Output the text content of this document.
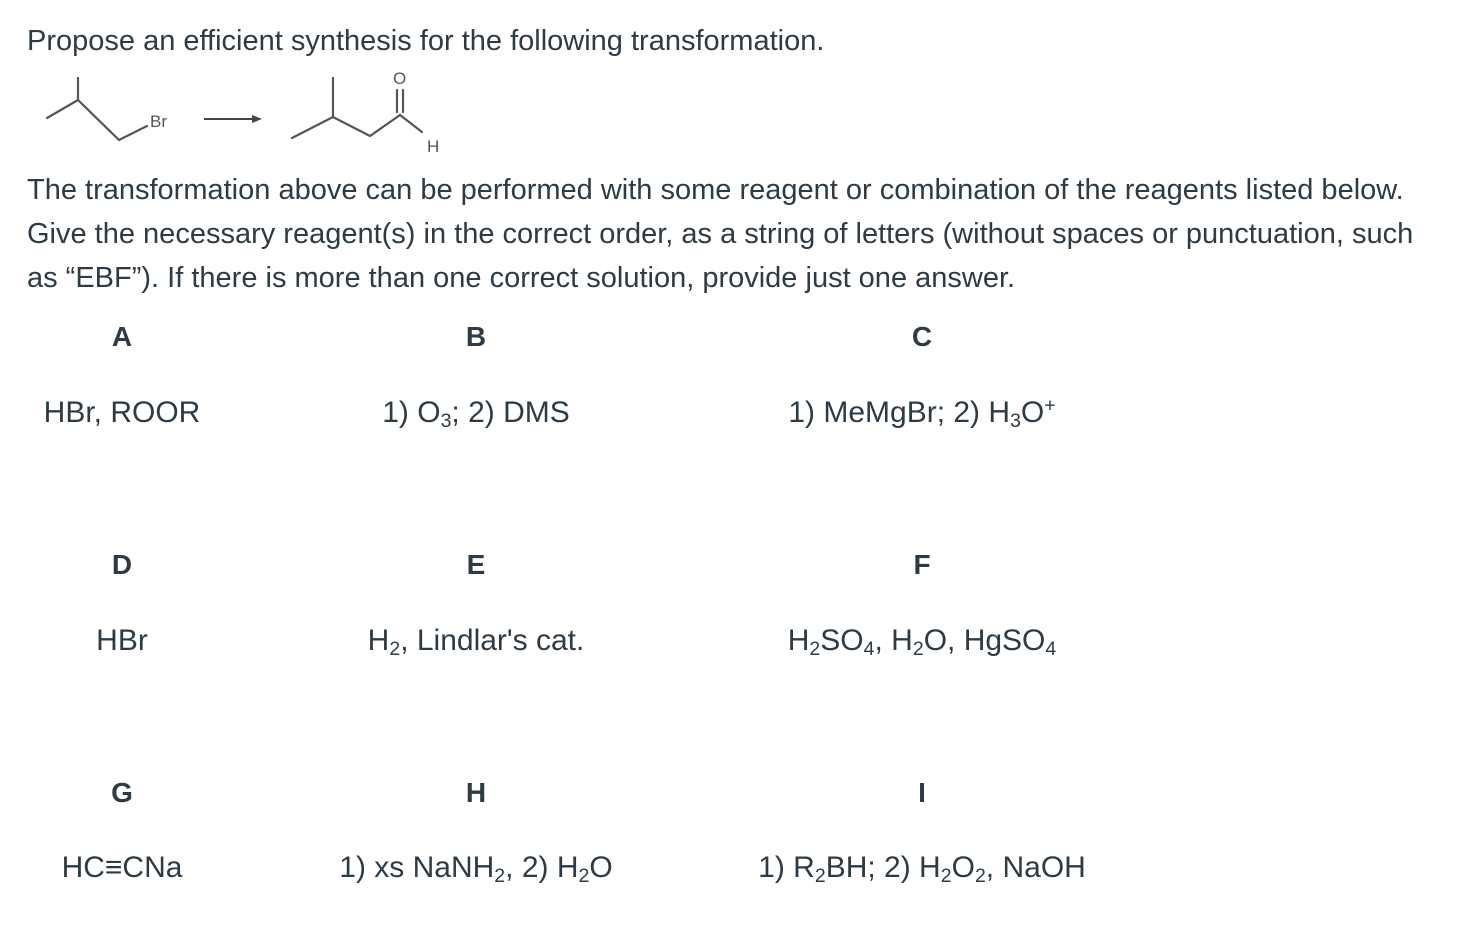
Propose an efficient synthesis for the following transformation.
Br
O
H
The transformation above can be performed with some reagent or combination of the reagents listed below. Give the necessary reagent(s) in the correct order, as a string of letters (without spaces or punctuation, such as “EBF”). If there is more than one correct solution, provide just one answer.
A
HBr, ROOR
B
1) $O_3$; 2) DMS
C
1) MeMgBr; 2) $H_3O^+$
D
HBr
E
$H_2$, Lindlar's cat.
F
$H_2SO_4$, $H_2O$, HgSO$_4$
G
HC≡CNa
H
1) xs NaNH$_2$, 2) $H_2O$
I
1) $R_2BH$; 2) $H_2O_2$, NaOH
